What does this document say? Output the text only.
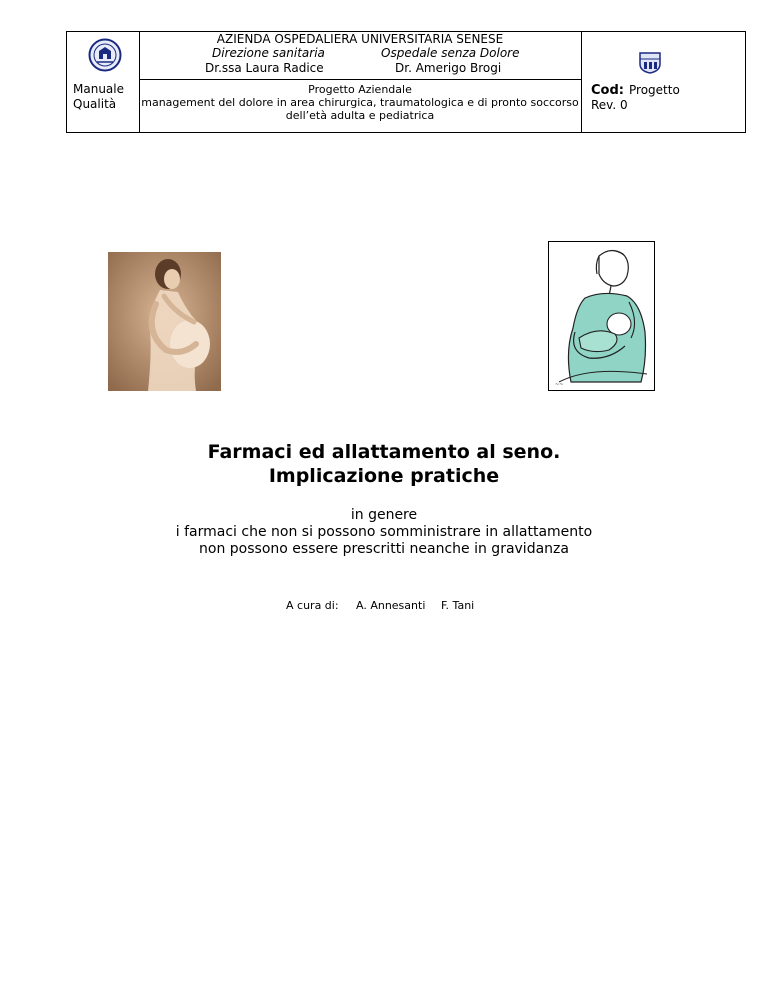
AZIENDA OSPEDALIERA UNIVERSITARIA SENESE
Direzione sanitaria	Ospedale senza Dolore
Dr.ssa Laura Radice	Dr. Amerigo Brogi
Manuale
Qualità
Progetto Aziendale
management del dolore in area chirurgica, traumatologica e di pronto soccorso
dell’età adulta e pediatrica
Cod: Progetto
Rev. 0
~~
Farmaci ed allattamento al seno.
Implicazione pratiche
in genere
i farmaci che non si possono somministrare in allattamento
non possono essere prescritti neanche in gravidanza
A cura di: A. Annesanti F. Tani
